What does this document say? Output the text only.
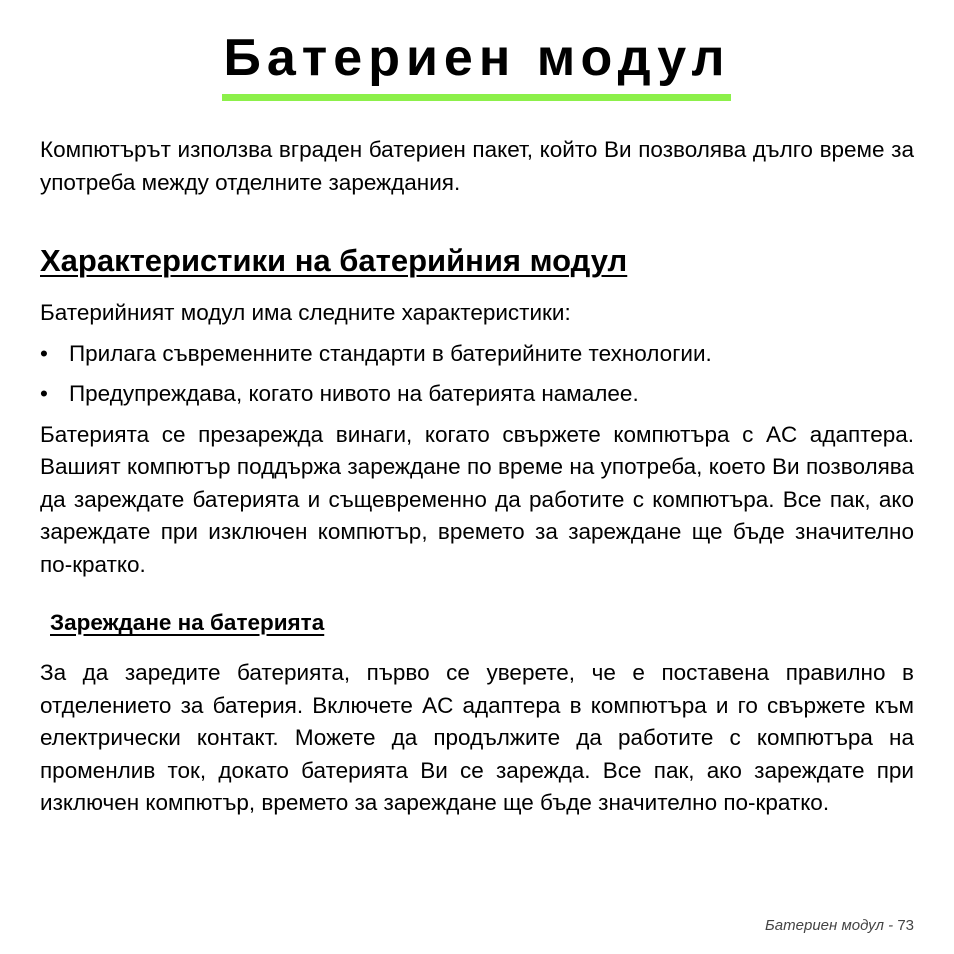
Батериен модул

Компютърът използва вграден батериен пакет, който Ви позволява дълго време за употреба между отделните зареждания.

Характеристики на батерийния модул

Батерийният модул има следните характеристики:

• Прилага съвременните стандарти в батерийните технологии.
• Предупреждава, когато нивото на батерията намалее.

Батерията се презарежда винаги, когато свържете компютъра с AC адаптера. Вашият компютър поддържа зареждане по време на употреба, което Ви позволява да зареждате батерията и същевременно да работите с компютъра. Все пак, ако зареждате при изключен компютър, времето за зареждане ще бъде значително по-кратко.

Зареждане на батерията

За да заредите батерията, първо се уверете, че е поставена правилно в отделението за батерия. Включете AC адаптера в компютъра и го свържете към електрически контакт. Можете да продължите да работите с компютъра на променлив ток, докато батерията Ви се зарежда. Все пак, ако зареждате при изключен компютър, времето за зареждане ще бъде значително по-кратко.

Батериен модул - 73
